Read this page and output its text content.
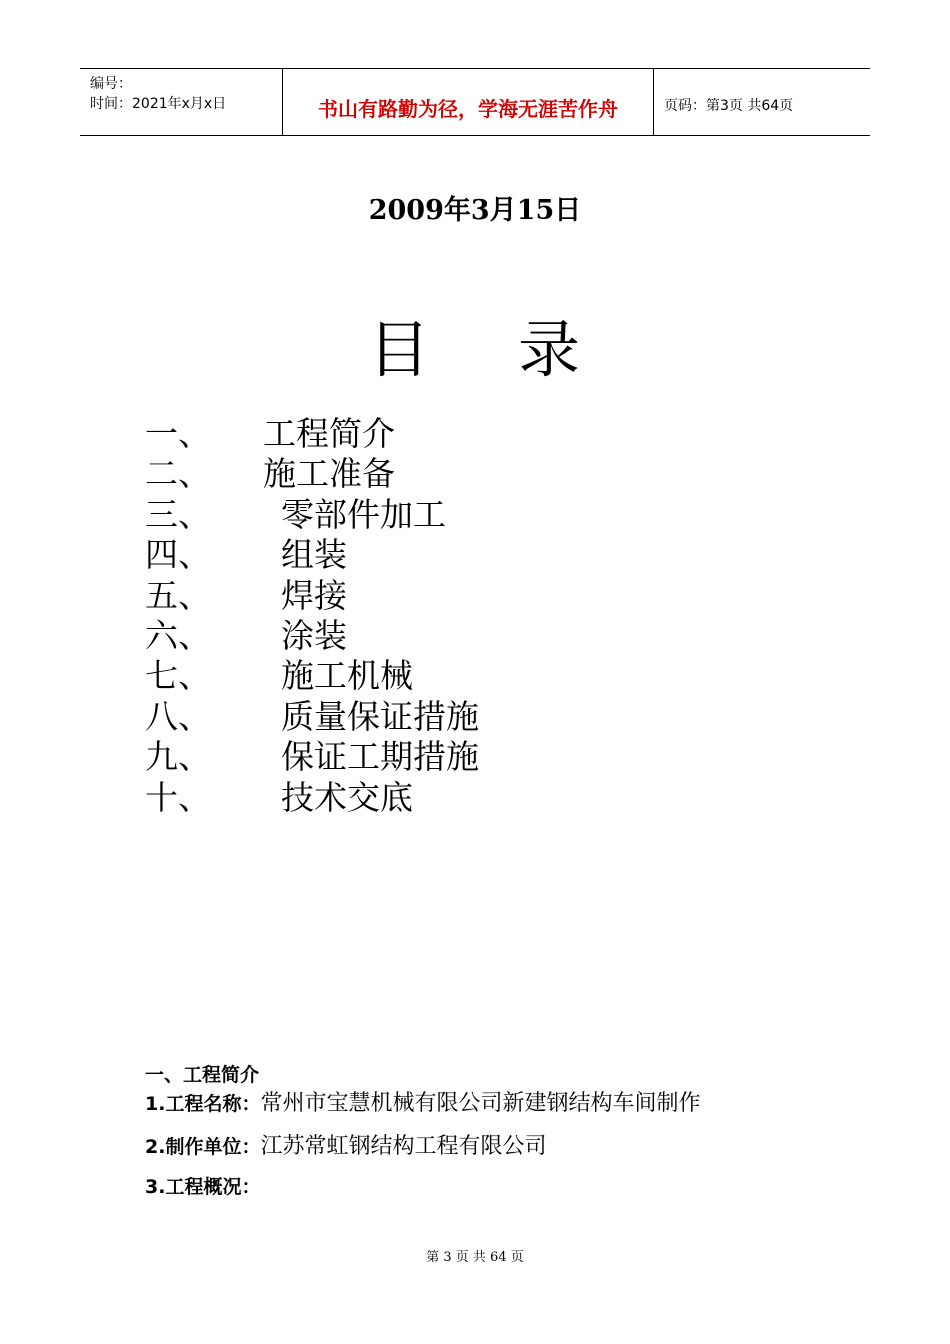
编号：
时间：2021年x月x日	书山有路勤为径，学海无涯苦作舟	页码：第3页 共64页
2009年3月15日
目录
一、 工程简介
二、 施工准备
三、 零部件加工
四、 组装
五、 焊接
六、 涂装
七、 施工机械
八、 质量保证措施
九、 保证工期措施
十、 技术交底
一、工程简介
1.工程名称：常州市宝慧机械有限公司新建钢结构车间制作
2.制作单位：江苏常虹钢结构工程有限公司
3.工程概况：
第 3 页 共 64 页
